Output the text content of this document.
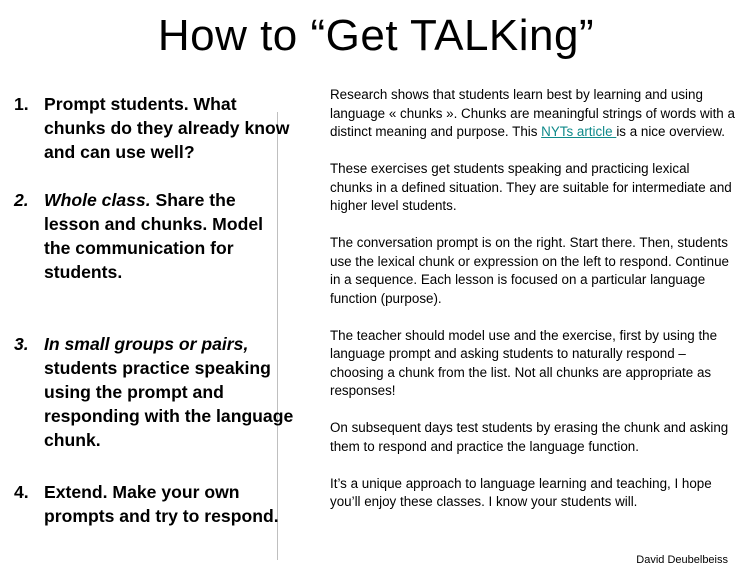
How to “Get TALKing”
1. Prompt students. What chunks do they already know and can use well?
2. Whole class. Share the lesson and chunks. Model the communication for students.
3. In small groups or pairs, students practice speaking using the prompt and responding with the language chunk.
4. Extend. Make your own prompts and try to respond.

Research shows that students learn best by learning and using language « chunks ». Chunks are meaningful strings of words with a distinct meaning and purpose. This NYTs article is a nice overview.

These exercises get students speaking and practicing lexical chunks in a defined situation. They are suitable for intermediate and higher level students.

The conversation prompt is on the right. Start there. Then, students use the lexical chunk or expression on the left to respond. Continue in a sequence. Each lesson is focused on a particular language function (purpose).

The teacher should model use and the exercise, first by using the language prompt and asking students to naturally respond – choosing a chunk from the list. Not all chunks are appropriate as responses!

On subsequent days test students by erasing the chunk and asking them to respond and practice the language function.

It’s a unique approach to language learning and teaching, I hope you’ll enjoy these classes. I know your students will.

David Deubelbeiss
